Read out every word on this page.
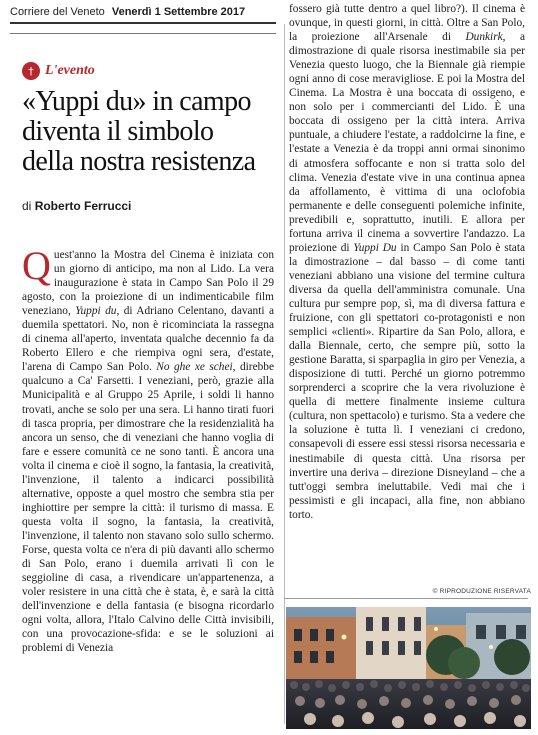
Corriere del Veneto Venerdì 1 Settembre 2017
† L'evento
«Yuppi du» in campo
diventa il simbolo
della nostra resistenza
di Roberto Ferrucci

Quest'anno la Mostra del Cinema è iniziata con un giorno di anticipo, ma non al Lido. La vera inaugurazione è stata in Campo San Polo il 29 agosto, con la proiezione di un indimenticabile film veneziano, Yuppi du, di Adriano Celentano, davanti a duemila spettatori. No, non è ricominciata la rassegna di cinema all'aperto, inventata qualche decennio fa da Roberto Ellero e che riempiva ogni sera, d'estate, l'arena di Campo San Polo. No ghe xe schei, direbbe qualcuno a Ca' Farsetti. I veneziani, però, grazie alla Municipalità e al Gruppo 25 Aprile, i soldi li hanno trovati, anche se solo per una sera. Li hanno tirati fuori di tasca propria, per dimostrare che la residenzialità ha ancora un senso, che di veneziani che hanno voglia di fare e essere comunità ce ne sono tanti. È ancora una volta il cinema e cioè il sogno, la fantasia, la creatività, l'invenzione, il talento a indicarci possibilità alternative, opposte a quel mostro che sembra stia per inghiottire per sempre la città: il turismo di massa. E questa volta il sogno, la fantasia, la creatività, l'invenzione, il talento non stavano solo sullo schermo. Forse, questa volta ce n'era di più davanti allo schermo di San Polo, erano i duemila arrivati lì con le seggioline di casa, a rivendicare un'appartenenza, a voler resistere in una città che è stata, è, e sarà la città dell'invenzione e della fantasia (e bisogna ricordarlo ogni volta, allora, l'Italo Calvino delle Città invisibili, con una provocazione-sfida: e se le soluzioni ai problemi di Venezia

fossero già tutte dentro a quel libro?). Il cinema è ovunque, in questi giorni, in città. Oltre a San Polo, la proiezione all'Arsenale di Dunkirk, a dimostrazione di quale risorsa inestimabile sia per Venezia questo luogo, che la Biennale già riempie ogni anno di cose meravigliose. E poi la Mostra del Cinema. La Mostra è una boccata di ossigeno, e non solo per i commercianti del Lido. È una boccata di ossigeno per la città intera. Arriva puntuale, a chiudere l'estate, a raddolcirne la fine, e l'estate a Venezia è da troppi anni ormai sinonimo di atmosfera soffocante e non si tratta solo del clima. Venezia d'estate vive in una continua apnea da affollamento, è vittima di una oclofobia permanente e delle conseguenti polemiche infinite, prevedibili e, soprattutto, inutili. E allora per fortuna arriva il cinema a sovvertire l'andazzo. La proiezione di Yuppi Du in Campo San Polo è stata la dimostrazione – dal basso – di come tanti veneziani abbiano una visione del termine cultura diversa da quella dell'amministra comunale. Una cultura pur sempre pop, sì, ma di diversa fattura e fruizione, con gli spettatori co-protagonisti e non semplici «clienti». Ripartire da San Polo, allora, e dalla Biennale, certo, che sempre più, sotto la gestione Baratta, si sparpaglia in giro per Venezia, a disposizione di tutti. Perché un giorno potremmo sorprenderci a scoprire che la vera rivoluzione è quella di mettere finalmente insieme cultura (cultura, non spettacolo) e turismo. Sta a vedere che la soluzione è tutta lì. I veneziani ci credono, consapevoli di essere essi stessi risorsa necessaria e inestimabile di questa città. Una risorsa per invertire una deriva – direzione Disneyland – che a tutt'oggi sembra ineluttabile. Vedi mai che i pessimisti e gli incapaci, alla fine, non abbiano torto.

© RIPRODUZIONE RISERVATA
